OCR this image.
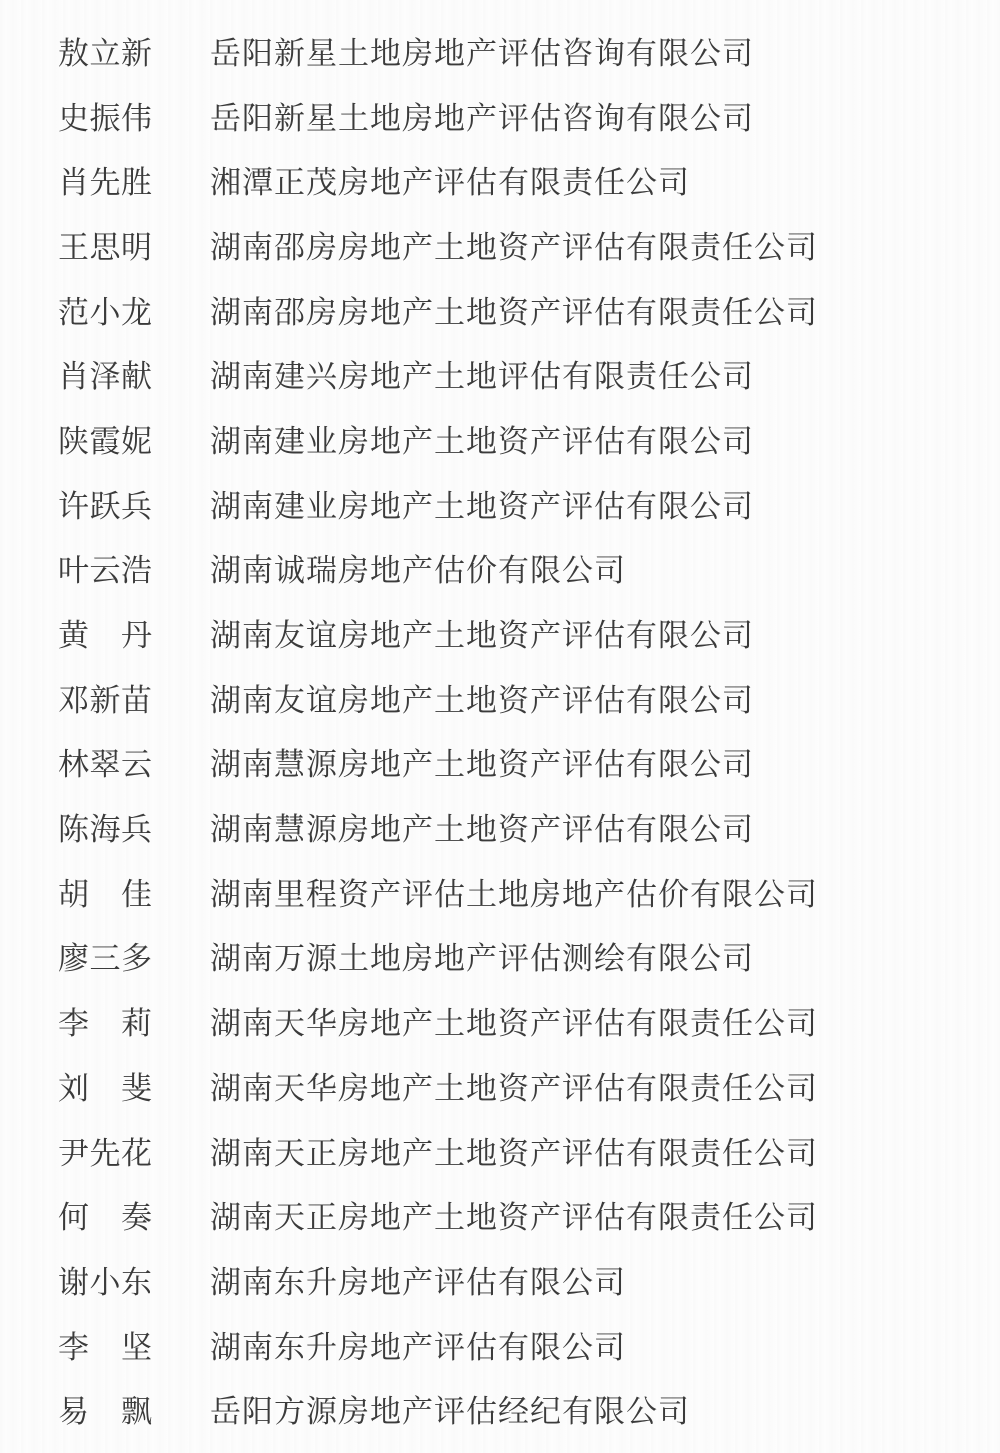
敖立新 岳阳新星土地房地产评估咨询有限公司
史振伟 岳阳新星土地房地产评估咨询有限公司
肖先胜 湘潭正茂房地产评估有限责任公司
王思明 湖南邵房房地产土地资产评估有限责任公司
范小龙 湖南邵房房地产土地资产评估有限责任公司
肖泽献 湖南建兴房地产土地评估有限责任公司
陕霞妮 湖南建业房地产土地资产评估有限公司
许跃兵 湖南建业房地产土地资产评估有限公司
叶云浩 湖南诚瑞房地产估价有限公司
黄　丹 湖南友谊房地产土地资产评估有限公司
邓新苗 湖南友谊房地产土地资产评估有限公司
林翠云 湖南慧源房地产土地资产评估有限公司
陈海兵 湖南慧源房地产土地资产评估有限公司
胡　佳 湖南里程资产评估土地房地产估价有限公司
廖三多 湖南万源土地房地产评估测绘有限公司
李　莉 湖南天华房地产土地资产评估有限责任公司
刘　斐 湖南天华房地产土地资产评估有限责任公司
尹先花 湖南天正房地产土地资产评估有限责任公司
何　奏 湖南天正房地产土地资产评估有限责任公司
谢小东 湖南东升房地产评估有限公司
李　坚 湖南东升房地产评估有限公司
易　飘 岳阳方源房地产评估经纪有限公司
